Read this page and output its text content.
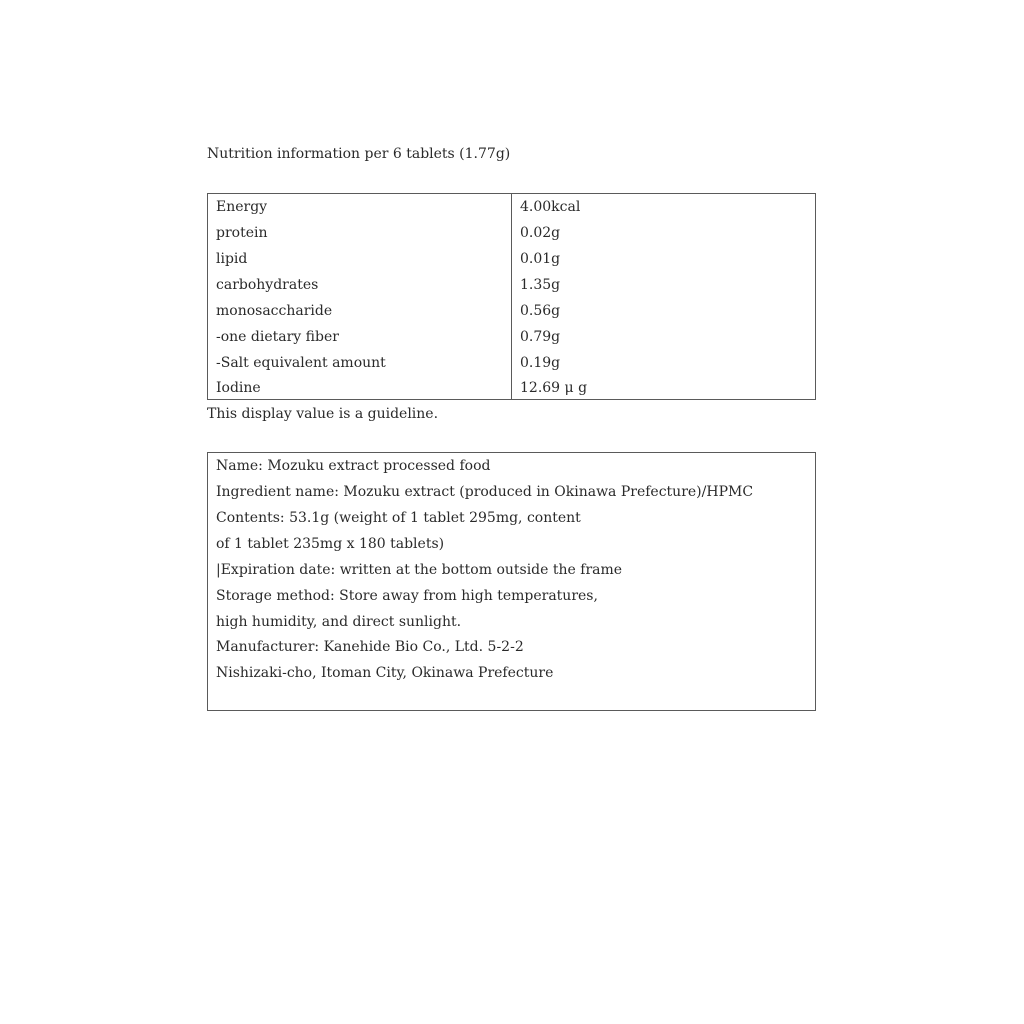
Nutrition information per 6 tablets (1.77g)
Energy	4.00kcal
protein	0.02g
lipid	0.01g
carbohydrates	1.35g
monosaccharide	0.56g
-one dietary fiber	0.79g
-Salt equivalent amount	0.19g
Iodine	12.69 μ g
This display value is a guideline.
Name: Mozuku extract processed food
Ingredient name: Mozuku extract (produced in Okinawa Prefecture)/HPMC
Contents: 53.1g (weight of 1 tablet 295mg, content
of 1 tablet 235mg x 180 tablets)
|Expiration date: written at the bottom outside the frame
Storage method: Store away from high temperatures,
high humidity, and direct sunlight.
Manufacturer: Kanehide Bio Co., Ltd. 5-2-2
Nishizaki-cho, Itoman City, Okinawa Prefecture
